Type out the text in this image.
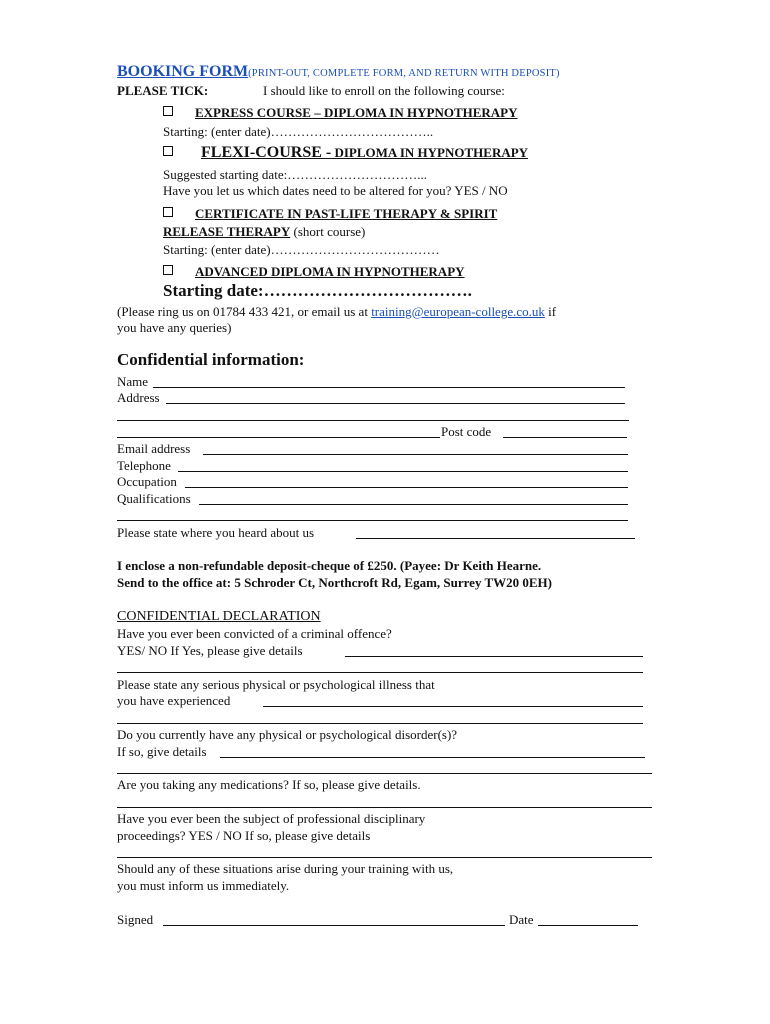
BOOKING FORM(PRINT-OUT, COMPLETE FORM, AND RETURN WITH DEPOSIT)
PLEASE TICK:	I should like to enroll on the following course:
EXPRESS COURSE – DIPLOMA IN HYPNOTHERAPY
Starting: (enter date)………………………………..
FLEXI-COURSE - DIPLOMA IN HYPNOTHERAPY
Suggested starting date:…………………………...
Have you let us which dates need to be altered for you? YES / NO
CERTIFICATE IN PAST-LIFE THERAPY & SPIRIT
RELEASE THERAPY (short course)
Starting: (enter date)…………………………………
ADVANCED DIPLOMA IN HYPNOTHERAPY
Starting date:……………………………….
(Please ring us on 01784 433 421, or email us at training@european-college.co.uk if
you have any queries)
Confidential information:
Name
Address
Post code
Email address
Telephone
Occupation
Qualifications
Please state where you heard about us
I enclose a non-refundable deposit-cheque of £250. (Payee: Dr Keith Hearne.
Send to the office at: 5 Schroder Ct, Northcroft Rd, Egam, Surrey TW20 0EH)
CONFIDENTIAL DECLARATION
Have you ever been convicted of a criminal offence?
YES/ NO If Yes, please give details
Please state any serious physical or psychological illness that
you have experienced
Do you currently have any physical or psychological disorder(s)?
If so, give details
Are you taking any medications? If so, please give details.
Have you ever been the subject of professional disciplinary
proceedings? YES / NO If so, please give details
Should any of these situations arise during your training with us,
you must inform us immediately.
Signed	Date
